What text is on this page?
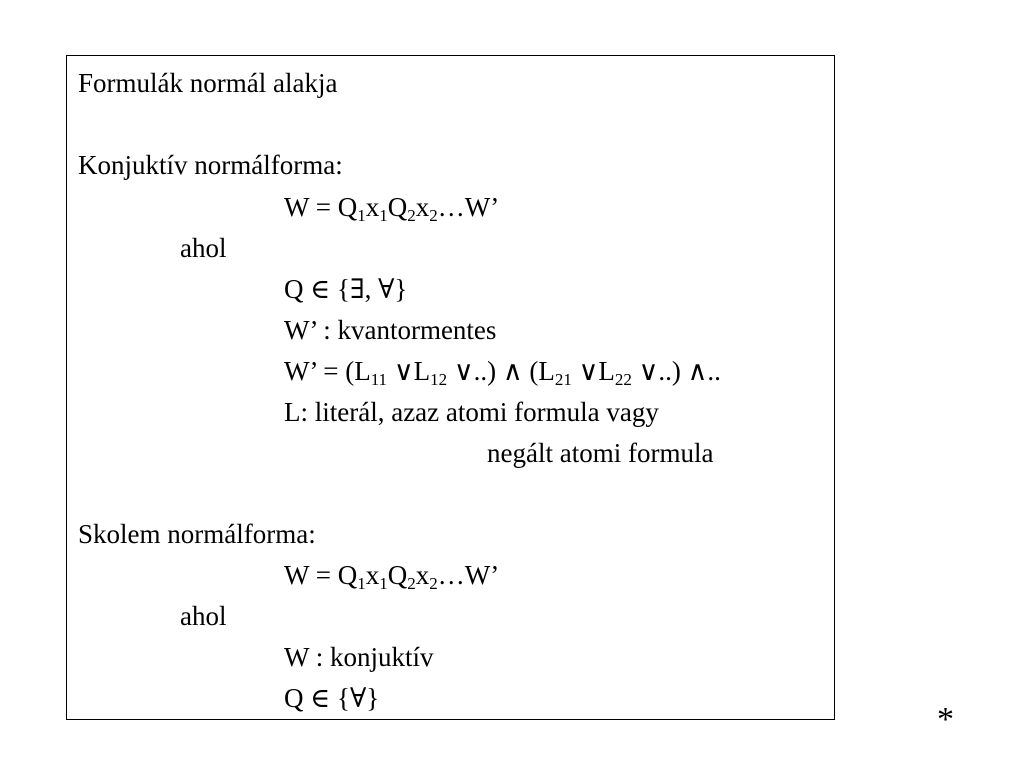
Formulák normál alakja
Konjuktív normálforma:
$W = Q_1x_1Q_2x_2\dots W$’
ahol
Q ∈ {∃, ∀}
W’ : kvantormentes
W’ = ($L_{11}$ $\vee L_{12}$ ∨..) ∧ ($L_{21}$ $\vee L_{22}$ ∨..) ∧..
L: literál, azaz atomi formula vagy
negált atomi formula
Skolem normálforma:
$W = Q_1x_1Q_2x_2\dots W$’
ahol
W : konjuktív
Q ∈ {∀}
*
